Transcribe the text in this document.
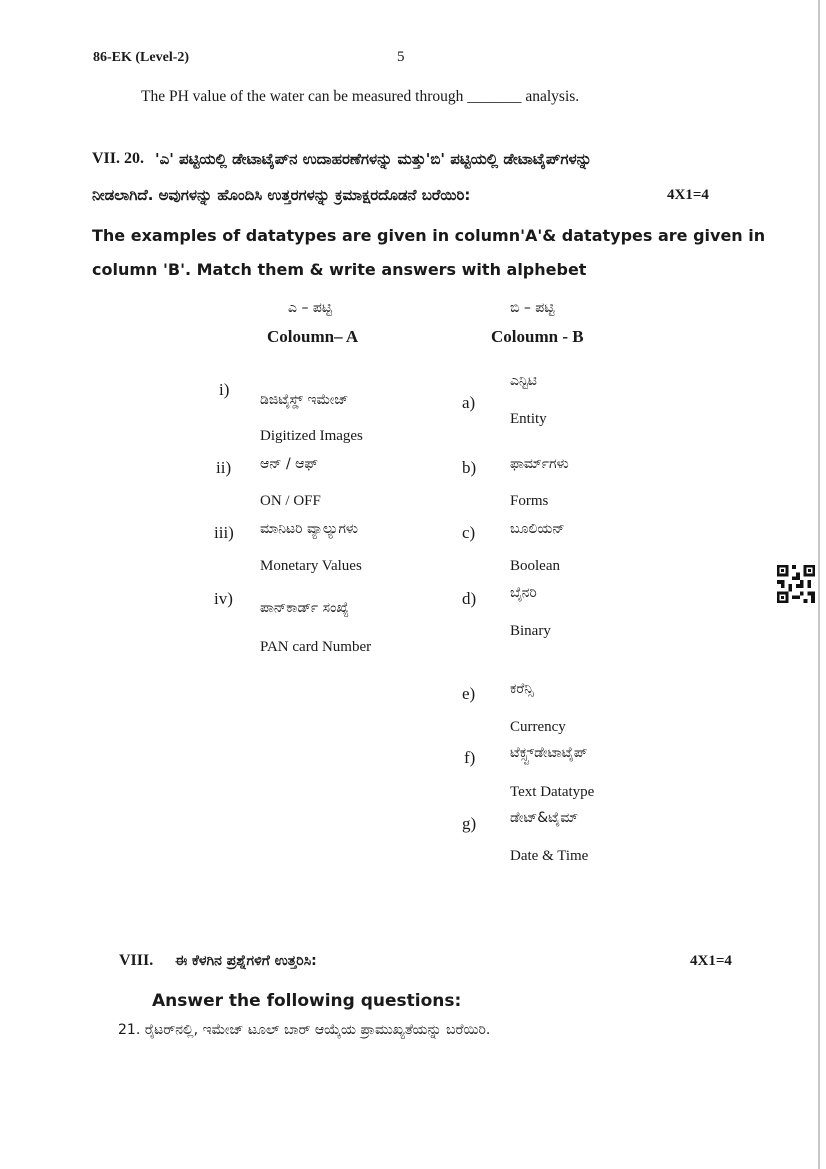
86-EK (Level-2)	5
The PH value of the water can be measured through _______ analysis.
VII. 20. 'ಎ' ಪಟ್ಟಿಯಲ್ಲಿ ಡೇಟಾಟೈಪ್‌ನ ಉದಾಹರಣೆಗಳನ್ನು ಮತ್ತು'ಬಿ' ಪಟ್ಟಿಯಲ್ಲಿ ಡೇಟಾಟೈಪ್‌ಗಳನ್ನು
ನೀಡಲಾಗಿದೆ. ಅವುಗಳನ್ನು ಹೊಂದಿಸಿ ಉತ್ತರಗಳನ್ನು ಕ್ರಮಾಕ್ಷರದೊಡನೆ ಬರೆಯಿರಿ:	4X1=4
The examples of datatypes are given in column'A'& datatypes are given in
column 'B'. Match them & write answers with alphebet
ಎ – ಪಟ್ಟಿ
Coloumn– A
ಬಿ – ಪಟ್ಟಿ
Coloumn - B
i)
ಡಿಜಿಟೈಸ್ಡ್ ಇಮೇಜ್
Digitized Images
ii) ಆನ್ / ಆಫ್
ON / OFF
iii) ಮಾನಿಟರಿ ವ್ಯಾಲ್ಯುಗಳು
Monetary Values
iv) ಪಾನ್‌ಕಾರ್ಡ್ ಸಂಖ್ಯೆ
PAN card Number
a)
ಎನ್ಟಿಟಿ
Entity
b) ಫಾರ್ಮ್‌ಗಳು
Forms
c) ಬೂಲಿಯನ್
Boolean
d) ಬೈನರಿ
Binary
e) ಕರೆನ್ಸಿ
Currency
f) ಟೆಕ್ಸ್ಟ್‌ಡೇಟಾಟೈಪ್
Text Datatype
g) ಡೇಟ್&ಟೈಮ್
Date & Time
VIII. ಈ ಕೆಳಗಿನ ಪ್ರಶ್ನೆಗಳಿಗೆ ಉತ್ತರಿಸಿ:	4X1=4
Answer the following questions:
21. ರೈಟರ್‌ನಲ್ಲಿ, ಇಮೇಜ್ ಟೂಲ್ ಬಾರ್ ಆಯ್ಕೆಯ ಪ್ರಾಮುಖ್ಯತೆಯನ್ನು ಬರೆಯಿರಿ.
